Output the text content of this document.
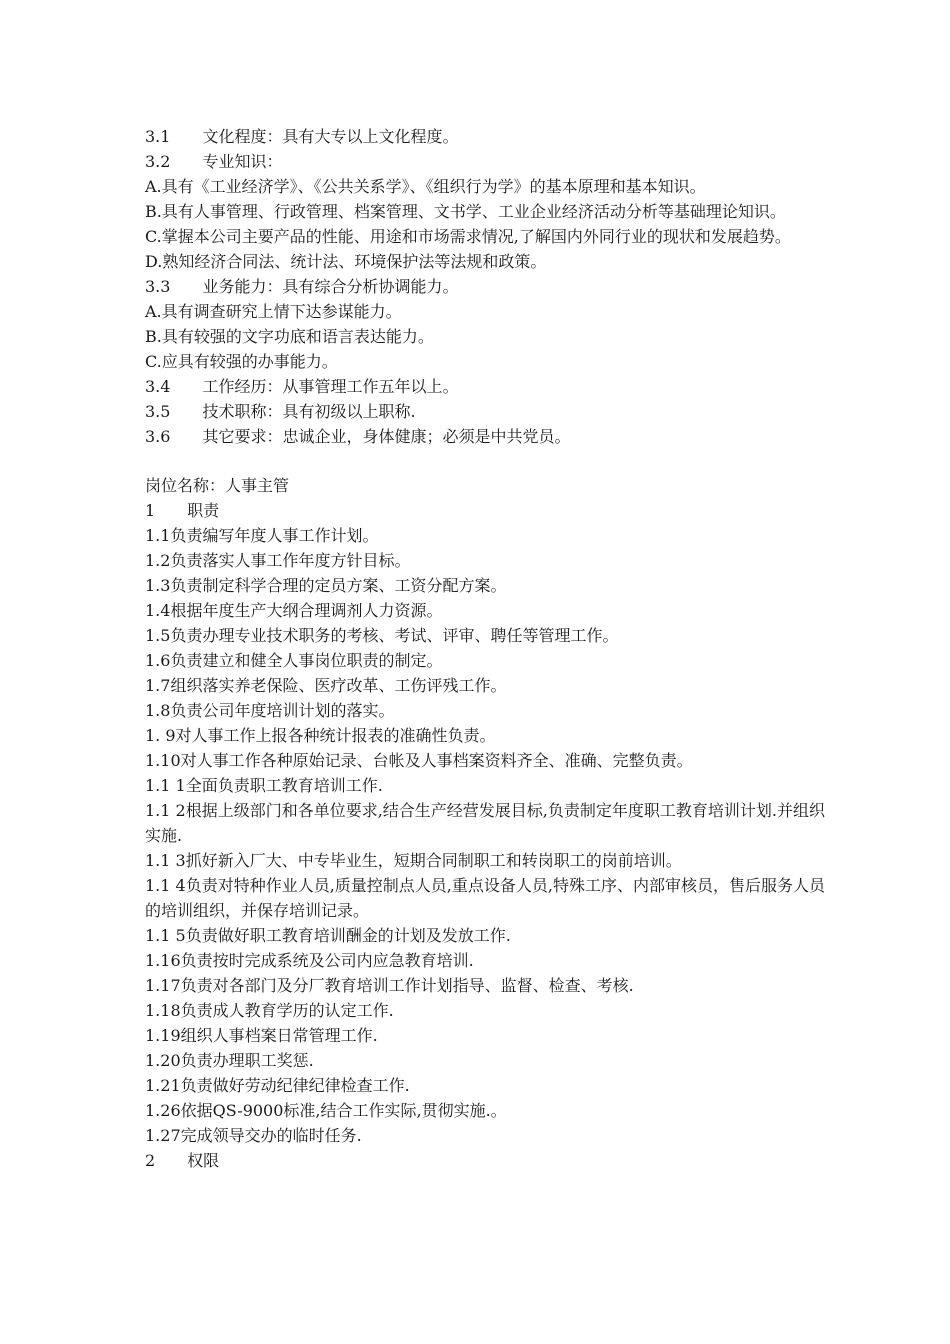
3.1　　文化程度：具有大专以上文化程度。

3.2　　专业知识：

A.具有《工业经济学》、《公共关系学》、《组织行为学》的基本原理和基本知识。

B.具有人事管理、行政管理、档案管理、文书学、工业企业经济活动分析等基础理论知识。

C.掌握本公司主要产品的性能、用途和市场需求情况,了解国内外同行业的现状和发展趋势。

D.熟知经济合同法、统计法、环境保护法等法规和政策。

3.3　　业务能力：具有综合分析协调能力。

A.具有调查研究上情下达参谋能力。

B.具有较强的文字功底和语言表达能力。

C.应具有较强的办事能力。

3.4　　工作经历：从事管理工作五年以上。

3.5　　技术职称：具有初级以上职称.

3.6　　其它要求：忠诚企业，身体健康；必须是中共党员。

岗位名称：人事主管

1　　职责

1.1负责编写年度人事工作计划。

1.2负责落实人事工作年度方针目标。

1.3负责制定科学合理的定员方案、工资分配方案。

1.4根据年度生产大纲合理调剂人力资源。

1.5负责办理专业技术职务的考核、考试、评审、聘任等管理工作。

1.6负责建立和健全人事岗位职责的制定。

1.7组织落实养老保险、医疗改革、工伤评残工作。

1.8负责公司年度培训计划的落实。

1. 9对人事工作上报各种统计报表的准确性负责。

1.10对人事工作各种原始记录、台帐及人事档案资料齐全、准确、完整负责。

1.1 1全面负责职工教育培训工作.

1.1 2根据上级部门和各单位要求,结合生产经营发展目标,负责制定年度职工教育培训计划.并组织实施.

1.1 3抓好新入厂大、中专毕业生，短期合同制职工和转岗职工的岗前培训。

1.1 4负责对特种作业人员,质量控制点人员,重点设备人员,特殊工序、内部审核员，售后服务人员的培训组织，并保存培训记录。

1.1 5负责做好职工教育培训酬金的计划及发放工作.

1.16负责按时完成系统及公司内应急教育培训.

1.17负责对各部门及分厂教育培训工作计划指导、监督、检查、考核.

1.18负责成人教育学历的认定工作.

1.19组织人事档案日常管理工作.

1.20负责办理职工奖惩.

1.21负责做好劳动纪律纪律检查工作.

1.26依据QS-9000标准,结合工作实际,贯彻实施.。

1.27完成领导交办的临时任务.

2　　权限
